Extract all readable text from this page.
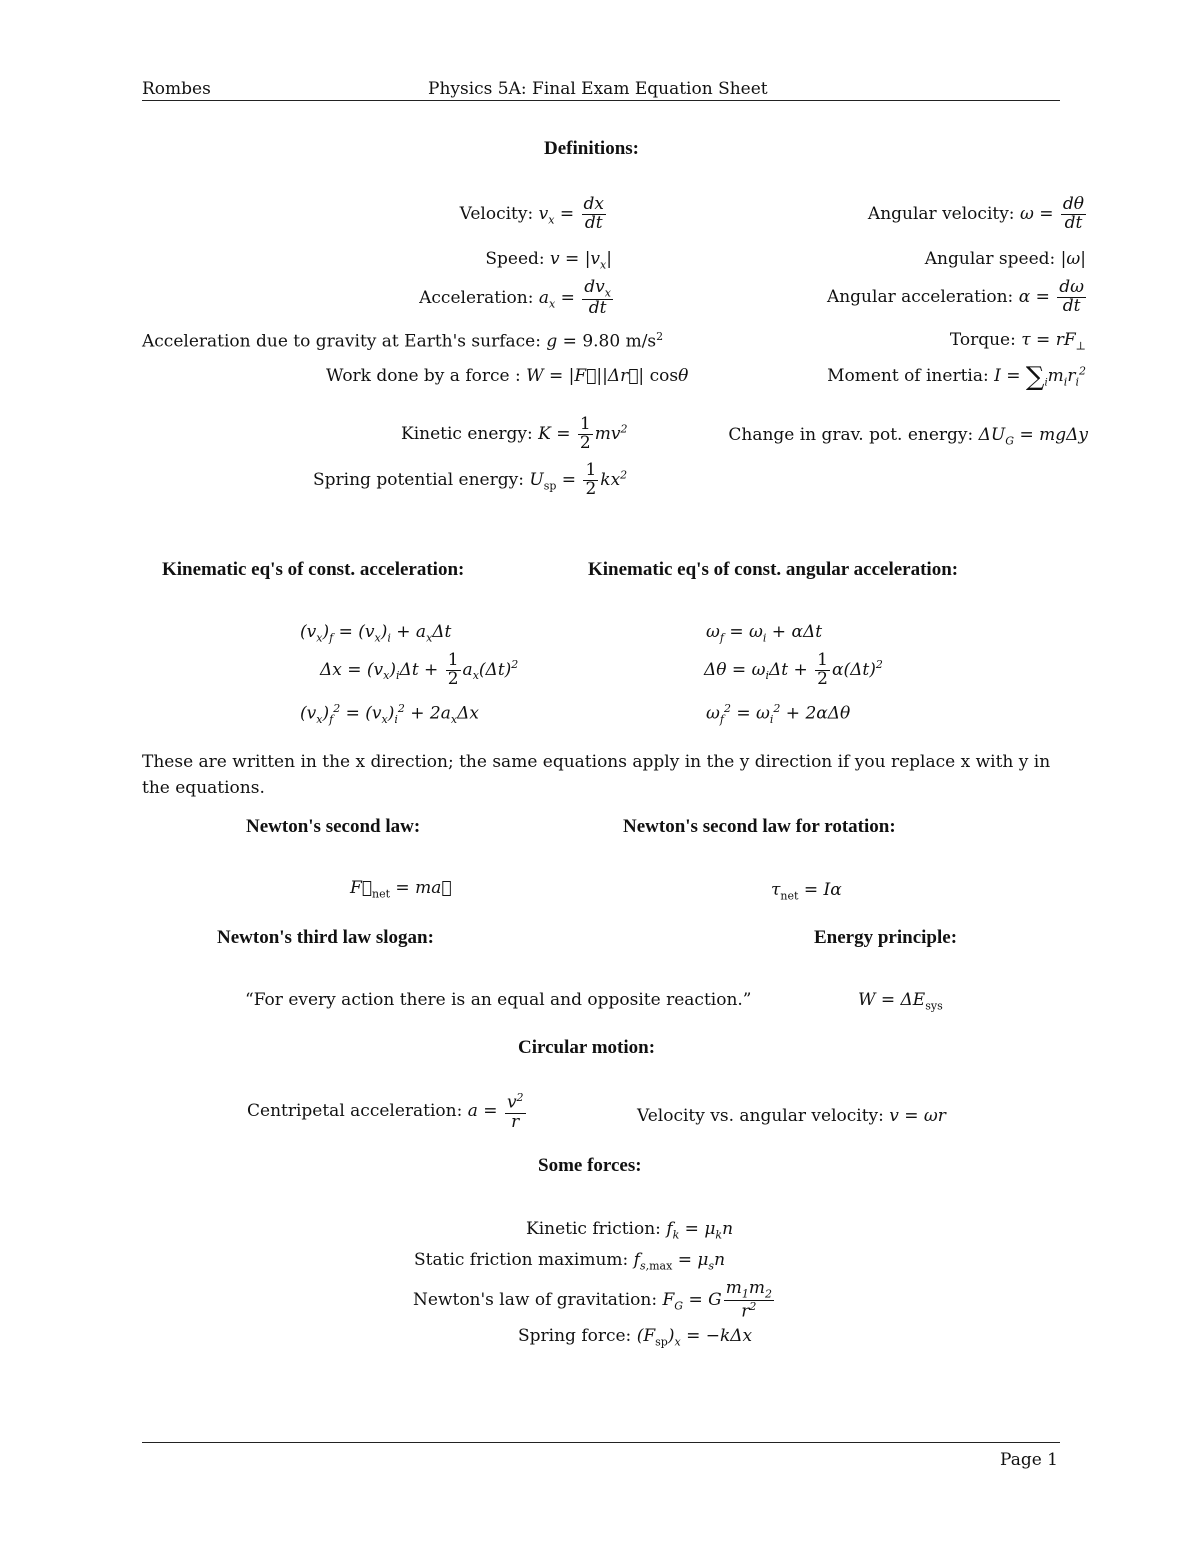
Rombes	Physics 5A: Final Exam Equation Sheet
Definitions:
Velocity: $v_x = \frac{dx}{dt}$
Speed: $v = |v_x|$
Acceleration: $a_x = \frac{dv_x}{dt}$
Acceleration due to gravity at Earth's surface: g = 9.80 $m/s^2$
Work done by a force : W = |F⃗||Δr⃗| cosθ
Kinetic energy: $K = \frac{1}{2} mv^2$
Spring potential energy: $U_{sp} = \frac{1}{2} kx^2$
Angular velocity: $\omega = \frac{d\theta}{dt}$
Angular speed: |ω|
Angular acceleration: $\alpha = \frac{d\omega}{dt}$
Torque: $\tau = rF_\perp$
Moment of inertia: $I = \sum_im_ir_i^2$
Change in grav. pot. energy: $\Delta U_G = mg\Delta y$
Kinematic eq's of const. acceleration:	Kinematic eq's of const. angular acceleration:
$(v_x)_f = (v_x)_i + a_x\Delta t$
$\Delta x = (v_x)_i\Delta t + \frac{1}{2} a_x(\Delta t)^2$
$(v_x)_f^2 = (v_x)_i^2 + 2a_x\Delta x$
$\omega_f = \omega_i + \alpha\Delta t$
$\Delta\theta = \omega_i\Delta t + \frac{1}{2} \alpha(\Delta t)^2$
$\omega_f^2 = \omega_i^2 + 2\alpha\Delta\theta$
These are written in the x direction; the same equations apply in the y direction if you replace x with y in the equations.
Newton's second law:	Newton's second law for rotation:
$F⃗_{net}$ = ma⃗	$\tau_{net} = I\alpha$
Newton's third law slogan:	Energy principle:
“For every action there is an equal and opposite reaction.”	$W = \Delta E_{sys}$
Circular motion:
Centripetal acceleration: $a = \frac{v^2}{r}$	Velocity vs. angular velocity: v = ωr
Some forces:
Kinetic friction: $f_k = \mu_kn$
Static friction maximum: $f_{s,max} = \mu_sn$
Newton's law of gravitation: $F_G = G \frac{m_1m_2}{r^2}$
Spring force: $(F_{sp})_x = -k\Delta x$
Page 1
